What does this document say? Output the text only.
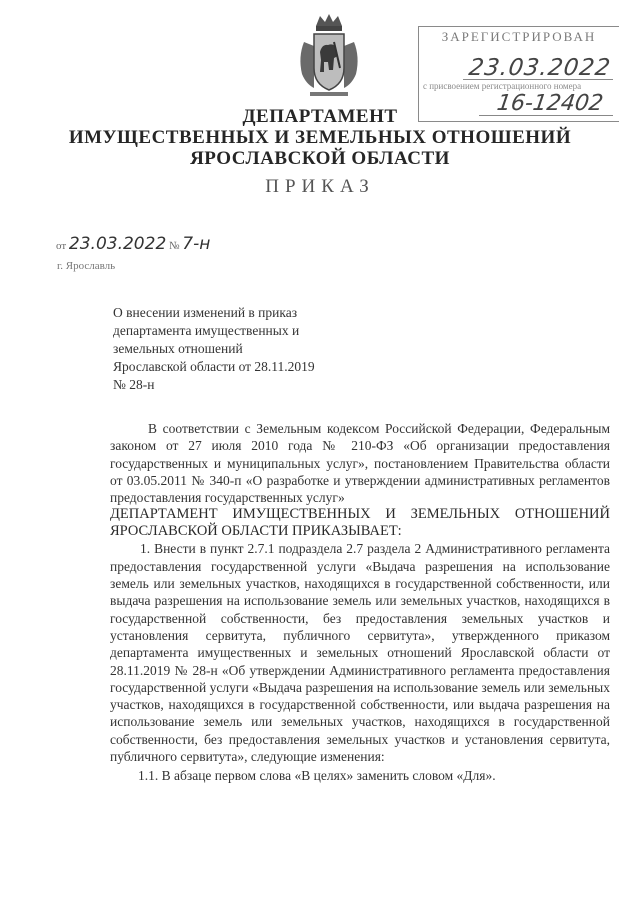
ЗАРЕГИСТРИРОВАН
23.03.2022
с присвоением регистрационного номера
16-12402
ДЕПАРТАМЕНТ
ИМУЩЕСТВЕННЫХ И ЗЕМЕЛЬНЫХ ОТНОШЕНИЙ
ЯРОСЛАВСКОЙ ОБЛАСТИ
ПРИКАЗ
от 23.03.2022 № 7-н
г. Ярославль
О внесении изменений в приказ
департамента имущественных и
земельных отношений
Ярославской области от 28.11.2019
№ 28-н

В соответствии с Земельным кодексом Российской Федерации, Федеральным законом от 27 июля 2010 года № 210-ФЗ «Об организации предоставления государственных и муниципальных услуг», постановлением Правительства области от 03.05.2011 № 340-п «О разработке и утверждении административных регламентов предоставления государственных услуг»

ДЕПАРТАМЕНТ ИМУЩЕСТВЕННЫХ И ЗЕМЕЛЬНЫХ ОТНОШЕНИЙ ЯРОСЛАВСКОЙ ОБЛАСТИ ПРИКАЗЫВАЕТ:

1. Внести в пункт 2.7.1 подраздела 2.7 раздела 2 Административного регламента предоставления государственной услуги «Выдача разрешения на использование земель или земельных участков, находящихся в государственной собственности, или выдача разрешения на использование земель или земельных участков, находящихся в государственной собственности, без предоставления земельных участков и установления сервитута, публичного сервитута», утвержденного приказом департамента имущественных и земельных отношений Ярославской области от 28.11.2019 № 28-н «Об утверждении Административного регламента предоставления государственной услуги «Выдача разрешения на использование земель или земельных участков, находящихся в государственной собственности, или выдача разрешения на использование земель или земельных участков, находящихся в государственной собственности, без предоставления земельных участков и установления сервитута, публичного сервитута», следующие изменения:

1.1. В абзаце первом слова «В целях» заменить словом «Для».
